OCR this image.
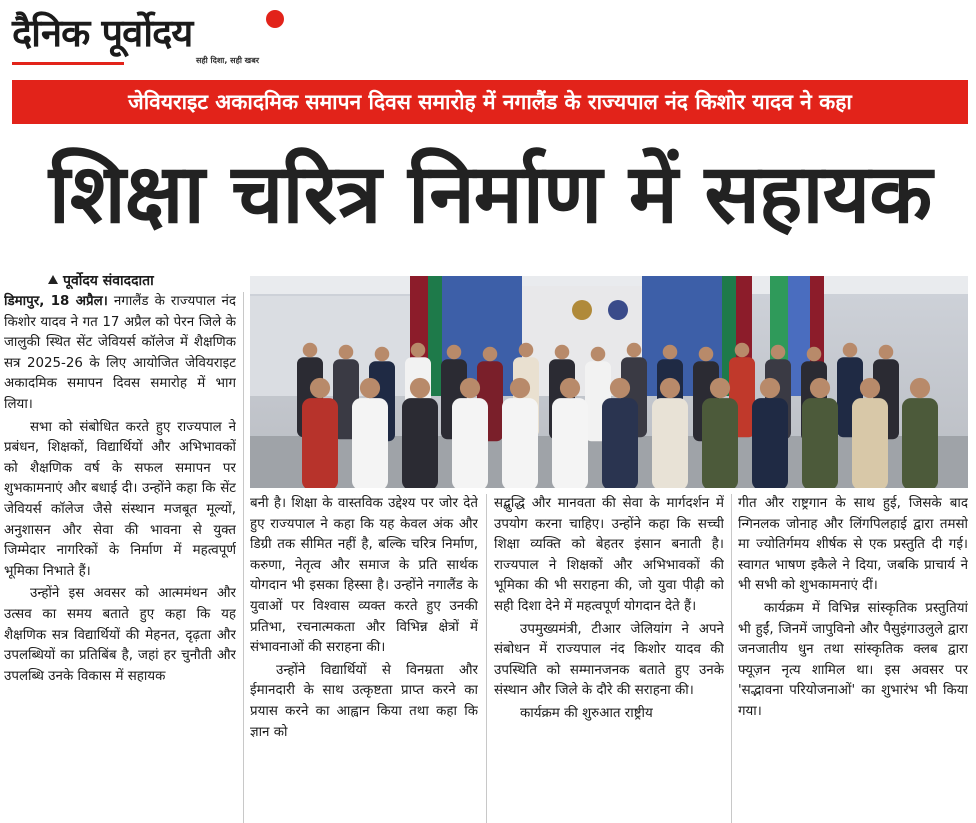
दैनिक पूर्वोदय
सही दिशा, सही खबर
जेवियराइट अकादमिक समापन दिवस समारोह में नगालैंड के राज्यपाल नंद किशोर यादव ने कहा
शिक्षा चरित्र निर्माण में सहायक
पूर्वोदय संवाददाता

डिमापुर, 18 अप्रैल। नगालैंड के राज्यपाल नंद किशोर यादव ने गत 17 अप्रैल को पेरन जिले के जालुकी स्थित सेंट जेवियर्स कॉलेज में शैक्षणिक सत्र 2025-26 के लिए आयोजित जेवियराइट अकादमिक समापन दिवस समारोह में भाग लिया।

सभा को संबोधित करते हुए राज्यपाल ने प्रबंधन, शिक्षकों, विद्यार्थियों और अभिभावकों को शैक्षणिक वर्ष के सफल समापन पर शुभकामनाएं और बधाई दी। उन्होंने कहा कि सेंट जेवियर्स कॉलेज जैसे संस्थान मजबूत मूल्यों, अनुशासन और सेवा की भावना से युक्त जिम्मेदार नागरिकों के निर्माण में महत्वपूर्ण भूमिका निभाते हैं।

उन्होंने इस अवसर को आत्ममंथन और उत्सव का समय बताते हुए कहा कि यह शैक्षणिक सत्र विद्यार्थियों की मेहनत, दृढ़ता और उपलब्धियों का प्रतिबिंब है, जहां हर चुनौती और उपलब्धि उनके विकास में सहायक

बनी है। शिक्षा के वास्तविक उद्देश्य पर जोर देते हुए राज्यपाल ने कहा कि यह केवल अंक और डिग्री तक सीमित नहीं है, बल्कि चरित्र निर्माण, करुणा, नेतृत्व और समाज के प्रति सार्थक योगदान भी इसका हिस्सा है। उन्होंने नगालैंड के युवाओं पर विश्वास व्यक्त करते हुए उनकी प्रतिभा, रचनात्मकता और विभिन्न क्षेत्रों में संभावनाओं की सराहना की।

उन्होंने विद्यार्थियों से विनम्रता और ईमानदारी के साथ उत्कृष्टता प्राप्त करने का प्रयास करने का आह्वान किया तथा कहा कि ज्ञान को

सद्बुद्धि और मानवता की सेवा के मार्गदर्शन में उपयोग करना चाहिए। उन्होंने कहा कि सच्ची शिक्षा व्यक्ति को बेहतर इंसान बनाती है। राज्यपाल ने शिक्षकों और अभिभावकों की भूमिका की भी सराहना की, जो युवा पीढ़ी को सही दिशा देने में महत्वपूर्ण योगदान देते हैं।

उपमुख्यमंत्री, टीआर जेलियांग ने अपने संबोधन में राज्यपाल नंद किशोर यादव की उपस्थिति को सम्मानजनक बताते हुए उनके संस्थान और जिले के दौरे की सराहना की।

कार्यक्रम की शुरुआत राष्ट्रीय

गीत और राष्ट्रगान के साथ हुई, जिसके बाद न्गिनलक जोनाह और लिंगपिलहाई द्वारा तमसो मा ज्योतिर्गमय शीर्षक से एक प्रस्तुति दी गई। स्वागत भाषण इकैले ने दिया, जबकि प्राचार्य ने भी सभी को शुभकामनाएं दीं।

कार्यक्रम में विभिन्न सांस्कृतिक प्रस्तुतियां भी हुईं, जिनमें जापुविनो और पैसुइंगाउलुले द्वारा जनजातीय धुन तथा सांस्कृतिक क्लब द्वारा फ्यूज़न नृत्य शामिल था। इस अवसर पर 'सद्भावना परियोजनाओं' का शुभारंभ भी किया गया।
